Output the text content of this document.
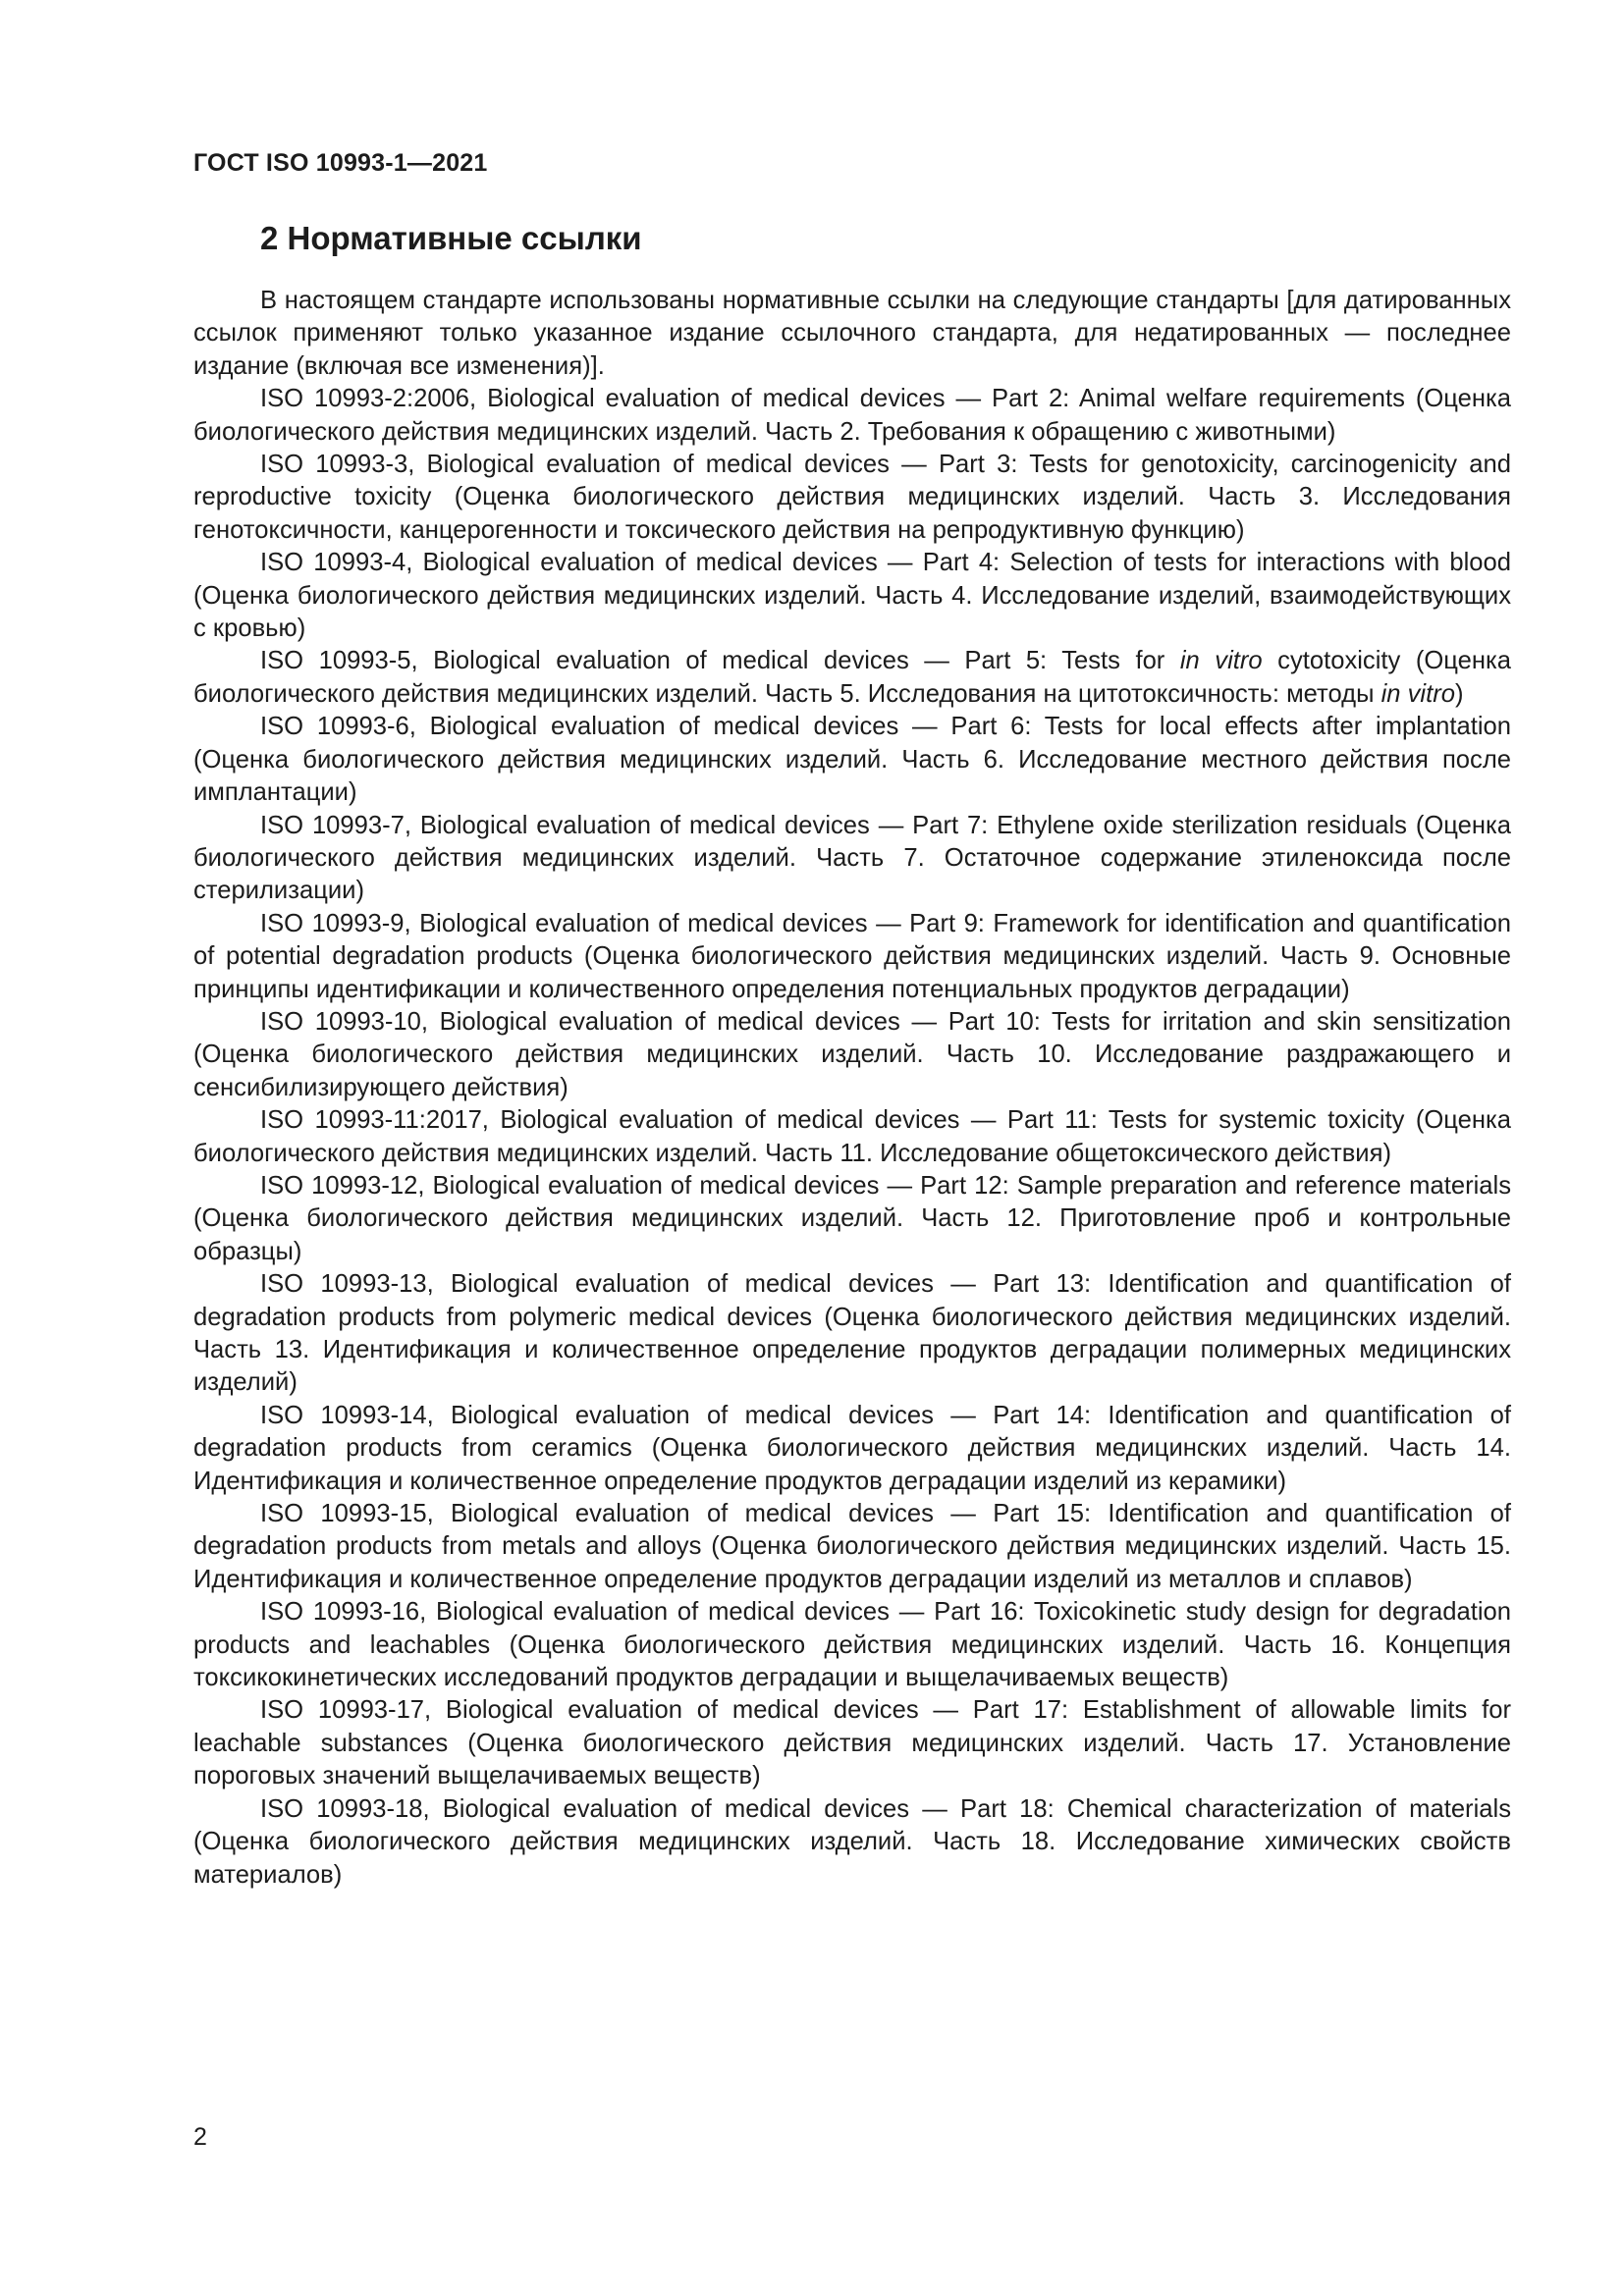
ГОСТ ISO 10993-1—2021
2 Нормативные ссылки

В настоящем стандарте использованы нормативные ссылки на следующие стандарты [для датированных ссылок применяют только указанное издание ссылочного стандарта, для недатированных — последнее издание (включая все изменения)].

ISO 10993-2:2006, Biological evaluation of medical devices — Part 2: Animal welfare requirements (Оценка биологического действия медицинских изделий. Часть 2. Требования к обращению с животными)

ISO 10993-3, Biological evaluation of medical devices — Part 3: Tests for genotoxicity, carcinogenicity and reproductive toxicity (Оценка биологического действия медицинских изделий. Часть 3. Исследования генотоксичности, канцерогенности и токсического действия на репродуктивную функцию)

ISO 10993-4, Biological evaluation of medical devices — Part 4: Selection of tests for interactions with blood (Оценка биологического действия медицинских изделий. Часть 4. Исследование изделий, взаимодействующих с кровью)

ISO 10993-5, Biological evaluation of medical devices — Part 5: Tests for in vitro cytotoxicity (Оценка биологического действия медицинских изделий. Часть 5. Исследования на цитотоксичность: методы in vitro)

ISO 10993-6, Biological evaluation of medical devices — Part 6: Tests for local effects after implantation (Оценка биологического действия медицинских изделий. Часть 6. Исследование местного действия после имплантации)

ISO 10993-7, Biological evaluation of medical devices — Part 7: Ethylene oxide sterilization residuals (Оценка биологического действия медицинских изделий. Часть 7. Остаточное содержание этиленоксида после стерилизации)

ISO 10993-9, Biological evaluation of medical devices — Part 9: Framework for identification and quantification of potential degradation products (Оценка биологического действия медицинских изделий. Часть 9. Основные принципы идентификации и количественного определения потенциальных продуктов деградации)

ISO 10993-10, Biological evaluation of medical devices — Part 10: Tests for irritation and skin sensitization (Оценка биологического действия медицинских изделий. Часть 10. Исследование раздражающего и сенсибилизирующего действия)

ISO 10993-11:2017, Biological evaluation of medical devices — Part 11: Tests for systemic toxicity (Оценка биологического действия медицинских изделий. Часть 11. Исследование общетоксического действия)

ISO 10993-12, Biological evaluation of medical devices — Part 12: Sample preparation and reference materials (Оценка биологического действия медицинских изделий. Часть 12. Приготовление проб и контрольные образцы)

ISO 10993-13, Biological evaluation of medical devices — Part 13: Identification and quantification of degradation products from polymeric medical devices (Оценка биологического действия медицинских изделий. Часть 13. Идентификация и количественное определение продуктов деградации полимерных медицинских изделий)

ISO 10993-14, Biological evaluation of medical devices — Part 14: Identification and quantification of degradation products from ceramics (Оценка биологического действия медицинских изделий. Часть 14. Идентификация и количественное определение продуктов деградации изделий из керамики)

ISO 10993-15, Biological evaluation of medical devices — Part 15: Identification and quantification of degradation products from metals and alloys (Оценка биологического действия медицинских изделий. Часть 15. Идентификация и количественное определение продуктов деградации изделий из металлов и сплавов)

ISO 10993-16, Biological evaluation of medical devices — Part 16: Toxicokinetic study design for degradation products and leachables (Оценка биологического действия медицинских изделий. Часть 16. Концепция токсикокинетических исследований продуктов деградации и выщелачиваемых веществ)

ISO 10993-17, Biological evaluation of medical devices — Part 17: Establishment of allowable limits for leachable substances (Оценка биологического действия медицинских изделий. Часть 17. Установление пороговых значений выщелачиваемых веществ)

ISO 10993-18, Biological evaluation of medical devices — Part 18: Chemical characterization of materials (Оценка биологического действия медицинских изделий. Часть 18. Исследование химических свойств материалов)

2
